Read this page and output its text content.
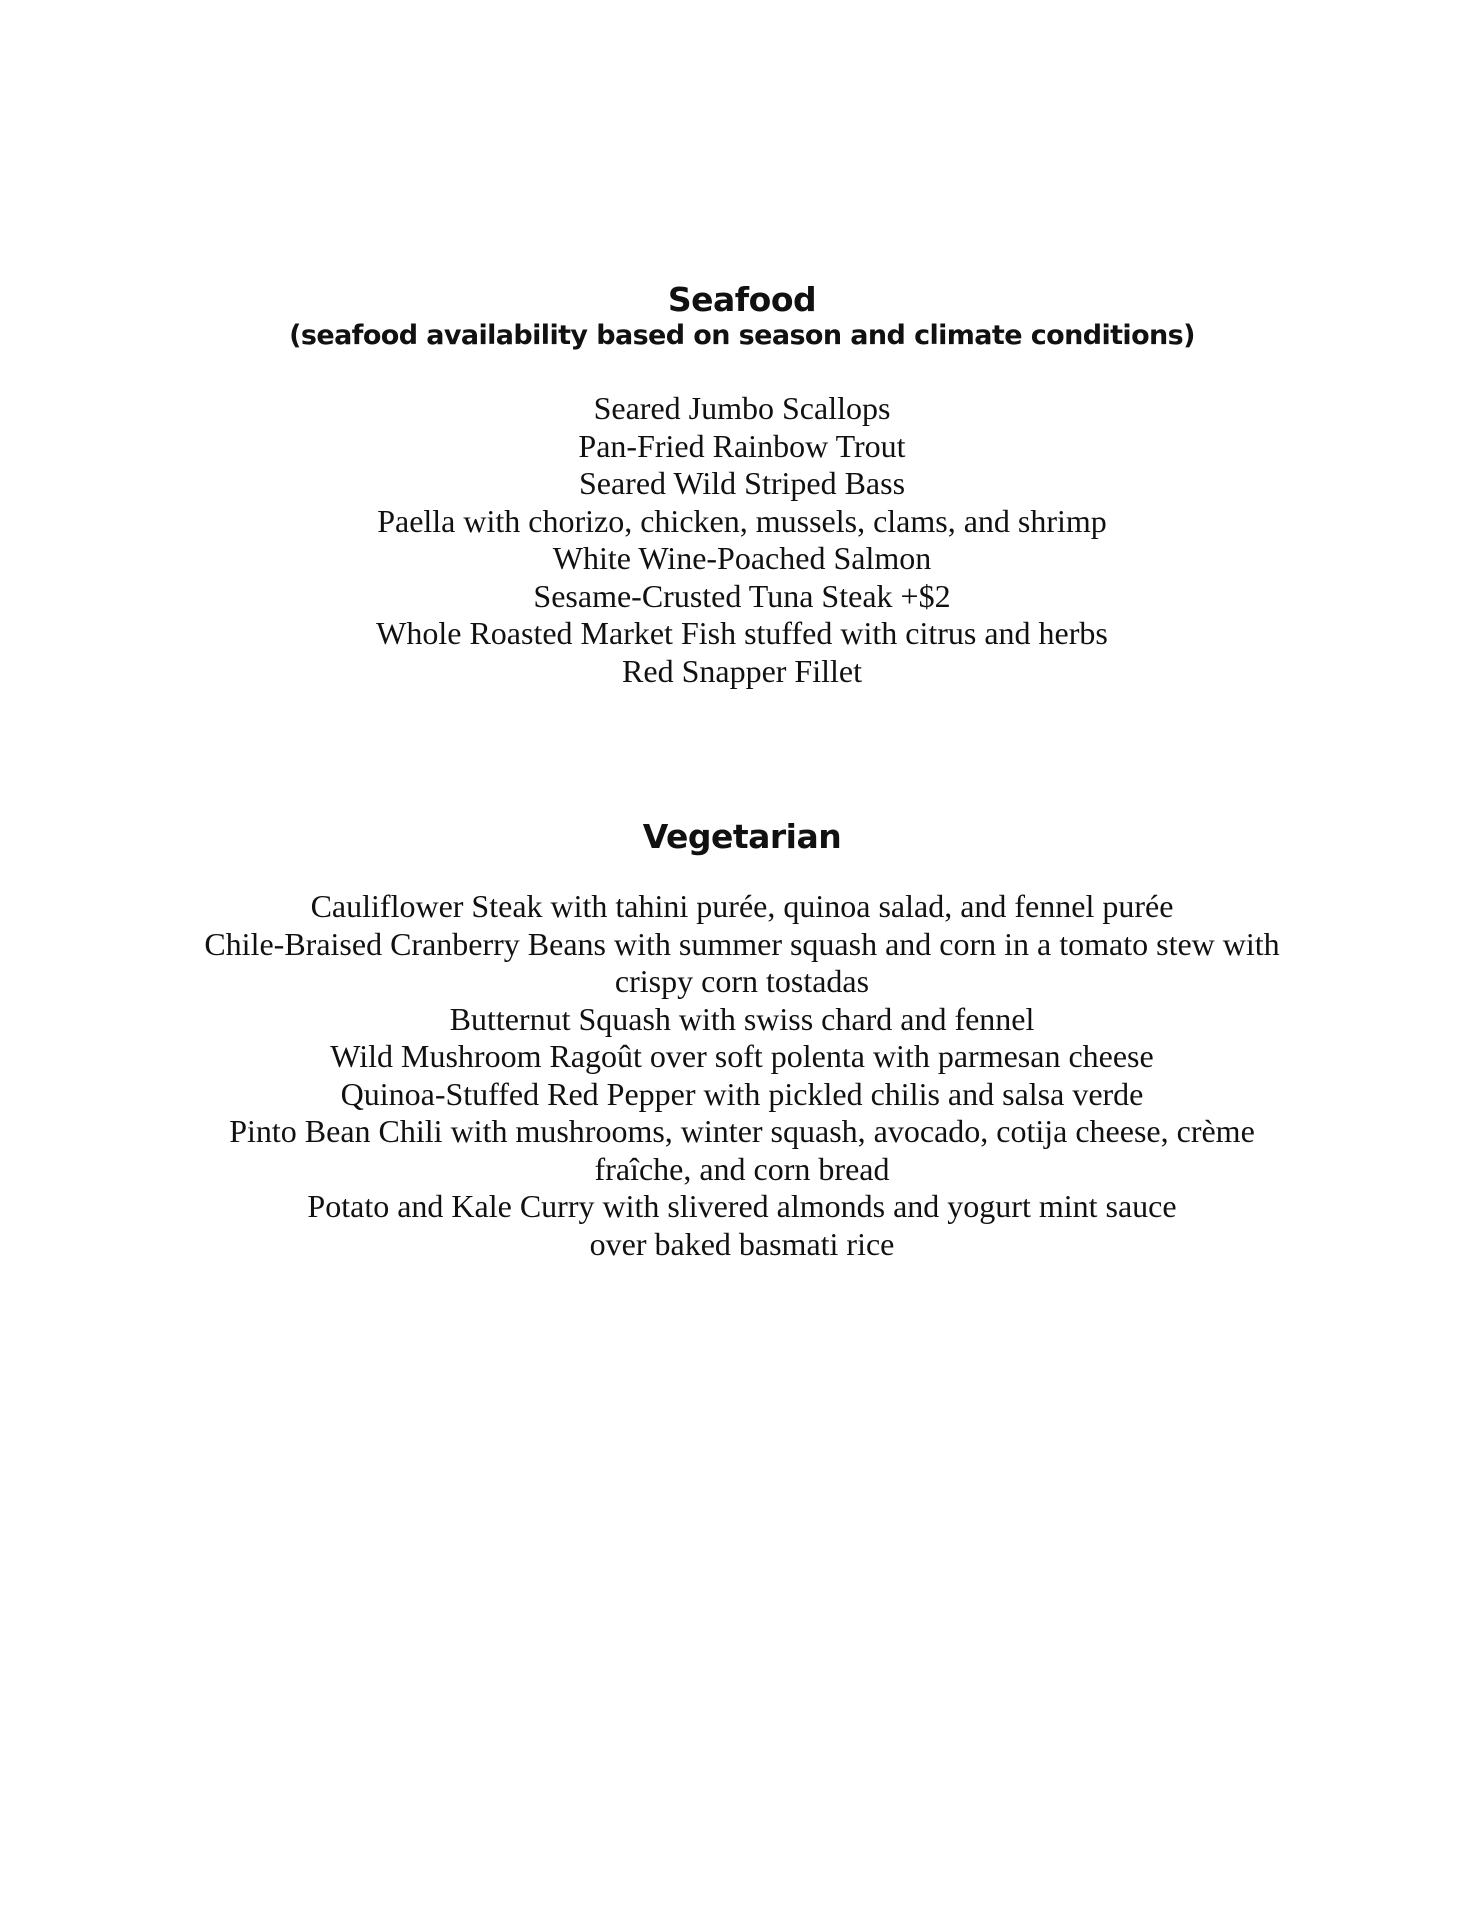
Seafood

(seafood availability based on season and climate conditions)

Seared Jumbo Scallops
Pan-Fried Rainbow Trout
Seared Wild Striped Bass
Paella with chorizo, chicken, mussels, clams, and shrimp
White Wine-Poached Salmon
Sesame-Crusted Tuna Steak +$2
Whole Roasted Market Fish stuffed with citrus and herbs
Red Snapper Fillet
Vegetarian
Cauliflower Steak with tahini purée, quinoa salad, and fennel purée
Chile-Braised Cranberry Beans with summer squash and corn in a tomato stew with crispy corn tostadas
Butternut Squash with swiss chard and fennel
Wild Mushroom Ragoût over soft polenta with parmesan cheese
Quinoa-Stuffed Red Pepper with pickled chilis and salsa verde
Pinto Bean Chili with mushrooms, winter squash, avocado, cotija cheese, crème fraîche, and corn bread
Potato and Kale Curry with slivered almonds and yogurt mint sauce
over baked basmati rice
